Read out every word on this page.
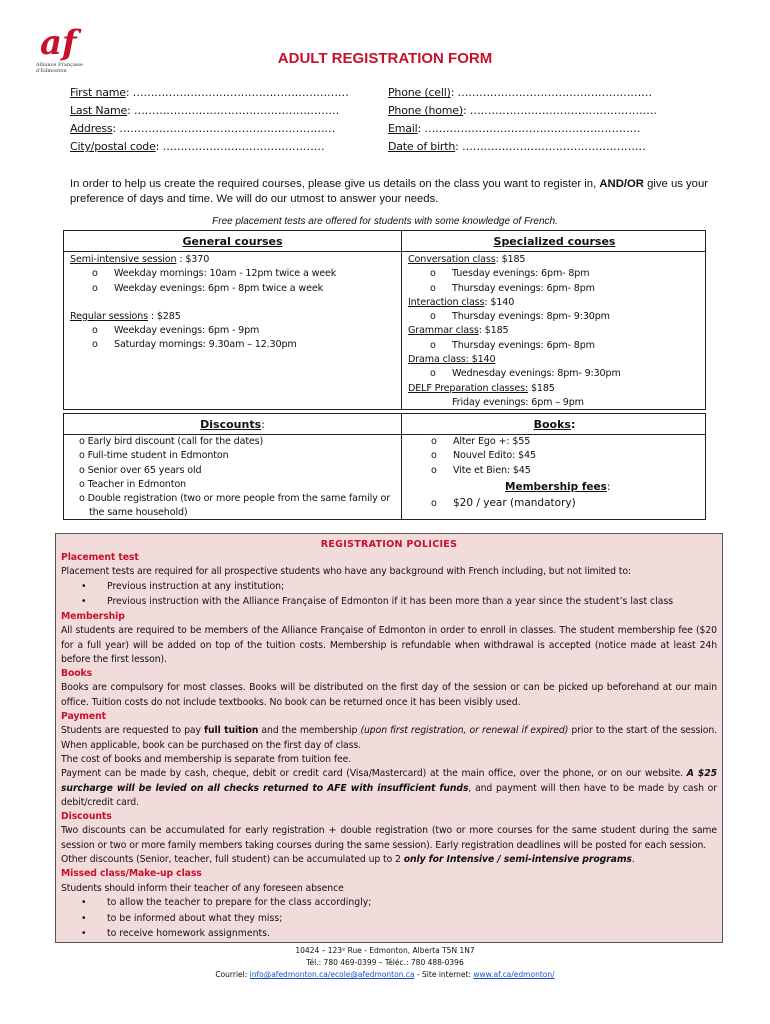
af
Alliance Française d'Edmonton
ADULT REGISTRATION FORM
First name: ……………………………………………………
Last Name: …………………………………………………
Address: ……………………………………………………
City/postal code: ………………………………………
Phone (cell): ………………………………………………
Phone (home): …………………………………………….
Email: ……………………………………………………
Date of birth: ……………………………………………
In order to help us create the required courses, please give us details on the class you want to register in, AND/OR give us your preference of days and time. We will do our utmost to answer your needs.
Free placement tests are offered for students with some knowledge of French.
General courses	Specialized courses
Semi-intensive session : $370
o Weekday mornings: 10am - 12pm twice a week
o Weekday evenings: 6pm - 8pm twice a week
Regular sessions : $285
o Weekday evenings: 6pm - 9pm
o Saturday mornings: 9.30am – 12.30pm
Conversation class: $185
o Tuesday evenings: 6pm- 8pm
o Thursday evenings: 6pm- 8pm
Interaction class: $140
o Thursday evenings: 8pm- 9:30pm
Grammar class: $185
o Thursday evenings: 6pm- 8pm
Drama class: $140
o Wednesday evenings: 8pm- 9:30pm
DELF Preparation classes: $185
Friday evenings: 6pm – 9pm
Discounts:	Books:
o Early bird discount (call for the dates)
o Full-time student in Edmonton
o Senior over 65 years old
o Teacher in Edmonton
o Double registration (two or more people from the same family or
the same household)
o Alter Ego +: $55
o Nouvel Edito: $45
o Vite et Bien: $45
Membership fees:
o $20 / year (mandatory)
REGISTRATION POLICIES
Placement test
Placement tests are required for all prospective students who have any background with French including, but not limited to:
• Previous instruction at any institution;
• Previous instruction with the Alliance Française of Edmonton if it has been more than a year since the student’s last class
Membership
All students are required to be members of the Alliance Française of Edmonton in order to enroll in classes. The student membership fee ($20 for a full year) will be added on top of the tuition costs. Membership is refundable when withdrawal is accepted (notice made at least 24h before the first lesson).
Books
Books are compulsory for most classes. Books will be distributed on the first day of the session or can be picked up beforehand at our main office. Tuition costs do not include textbooks. No book can be returned once it has been visibly used.
Payment
Students are requested to pay full tuition and the membership (upon first registration, or renewal if expired) prior to the start of the session. When applicable, book can be purchased on the first day of class.
The cost of books and membership is separate from tuition fee.
Payment can be made by cash, cheque, debit or credit card (Visa/Mastercard) at the main office, over the phone, or on our website. A $25 surcharge will be levied on all checks returned to AFE with insufficient funds, and payment will then have to be made by cash or debit/credit card.
Discounts
Two discounts can be accumulated for early registration + double registration (two or more courses for the same student during the same session or two or more family members taking courses during the same session). Early registration deadlines will be posted for each session.
Other discounts (Senior, teacher, full student) can be accumulated up to 2 only for Intensive / semi-intensive programs.
Missed class/Make-up class
Students should inform their teacher of any foreseen absence
• to allow the teacher to prepare for the class accordingly;
• to be informed about what they miss;
• to receive homework assignments.
10424 – 123ᵉ Rue - Edmonton, Alberta T5N 1N7
Tél.: 780 469-0399 – Téléc.: 780 488-0396
Courriel: info@afedmonton.ca/ecole@afedmonton.ca - Site internet: www.af.ca/edmonton/
